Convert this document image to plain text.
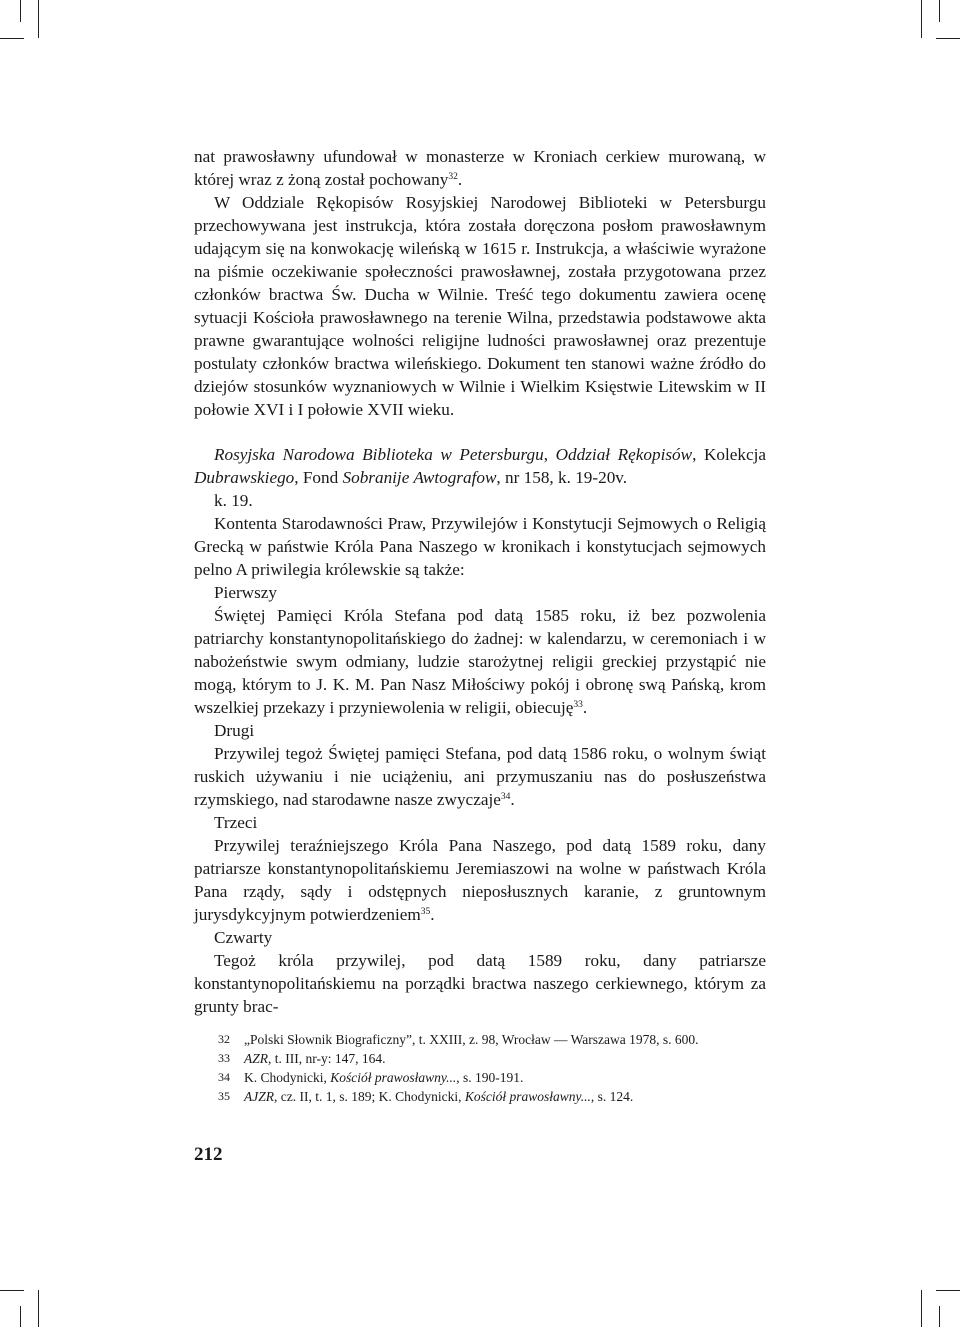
nat prawosławny ufundował w monasterze w Kroniach cerkiew murowaną, w której wraz z żoną został pochowany$^{32}$.

W Oddziale Rękopisów Rosyjskiej Narodowej Biblioteki w Petersburgu przechowywana jest instrukcja, która została doręczona posłom prawosławnym udającym się na konwokację wileńską w 1615 r. Instrukcja, a właściwie wyrażone na piśmie oczekiwanie społeczności prawosławnej, została przygotowana przez członków bractwa Św. Ducha w Wilnie. Treść tego dokumentu zawiera ocenę sytuacji Kościoła prawosławnego na terenie Wilna, przedstawia podstawowe akta prawne gwarantujące wolności religijne ludności prawosławnej oraz prezentuje postulaty członków bractwa wileńskiego. Dokument ten stanowi ważne źródło do dziejów stosunków wyznaniowych w Wilnie i Wielkim Księstwie Litewskim w II połowie XVI i I połowie XVII wieku.

Rosyjska Narodowa Biblioteka w Petersburgu, Oddział Rękopisów, Kolekcja Dubrawskiego, Fond Sobranije Awtografow, nr 158, k. 19-20v.

k. 19.

Kontenta Starodawności Praw, Przywilejów i Konstytucji Sejmowych o Religią Grecką w państwie Króla Pana Naszego w kronikach i konstytucjach sejmowych pelno A priwilegia królewskie są także:

Pierwszy

Świętej Pamięci Króla Stefana pod datą 1585 roku, iż bez pozwolenia patriarchy konstantynopolitańskiego do żadnej: w kalendarzu, w ceremoniach i w nabożeństwie swym odmiany, ludzie starożytnej religii greckiej przystąpić nie mogą, którym to J. K. M. Pan Nasz Miłościwy pokój i obronę swą Pańską, krom wszelkiej przekazy i przyniewolenia w religii, obiecuję$^{33}$.

Drugi

Przywilej tegoż Świętej pamięci Stefana, pod datą 1586 roku, o wolnym świąt ruskich używaniu i nie uciążeniu, ani przymuszaniu nas do posłuszeństwa rzymskiego, nad starodawne nasze zwyczaje$^{34}$.

Trzeci

Przywilej teraźniejszego Króla Pana Naszego, pod datą 1589 roku, dany patriarsze konstantynopolitańskiemu Jeremiaszowi na wolne w państwach Króla Pana rządy, sądy i odstępnych nieposłusznych karanie, z gruntownym jurysdykcyjnym potwierdzeniem$^{35}$.

Czwarty

Tegoż króla przywilej, pod datą 1589 roku, dany patriarsze konstantynopolitańskiemu na porządki bractwa naszego cerkiewnego, którym za grunty brac-

32	„Polski Słownik Biograficzny”, t. XXIII, z. 98, Wrocław — Warszawa 1978, s. 600.
33	AZR, t. III, nr-y: 147, 164.
34	K. Chodynicki, Kościół prawosławny..., s. 190-191.
35	AJZR, cz. II, t. 1, s. 189; K. Chodynicki, Kościół prawosławny..., s. 124.
212
